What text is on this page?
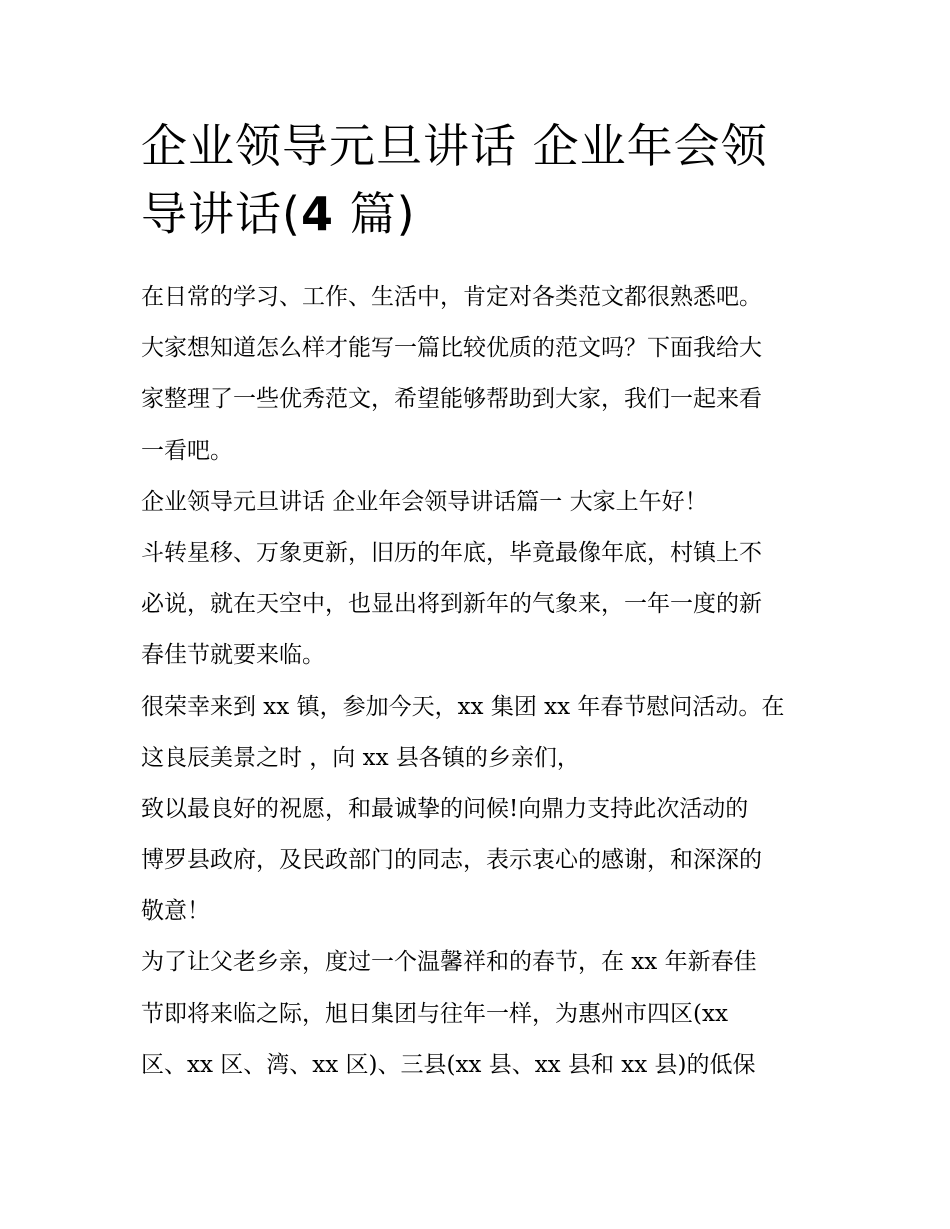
企业领导元旦讲话 企业年会领
导讲话(4 篇)
在日常的学习、工作、生活中，肯定对各类范文都很熟悉吧。
大家想知道怎么样才能写一篇比较优质的范文吗？下面我给大
家整理了一些优秀范文，希望能够帮助到大家，我们一起来看
一看吧。
企业领导元旦讲话 企业年会领导讲话篇一 大家上午好！
斗转星移、万象更新，旧历的年底，毕竟最像年底，村镇上不
必说，就在天空中，也显出将到新年的气象来，一年一度的新
春佳节就要来临。
很荣幸来到 xx 镇，参加今天，xx 集团 xx 年春节慰问活动。在
这良辰美景之时 ，向 xx 县各镇的乡亲们，
致以最良好的祝愿，和最诚挚的问候!向鼎力支持此次活动的
博罗县政府，及民政部门的同志，表示衷心的感谢，和深深的
敬意！
为了让父老乡亲，度过一个温馨祥和的春节，在 xx 年新春佳
节即将来临之际，旭日集团与往年一样，为惠州市四区(xx
区、xx 区、湾、xx 区)、三县(xx 县、xx 县和 xx 县)的低保
